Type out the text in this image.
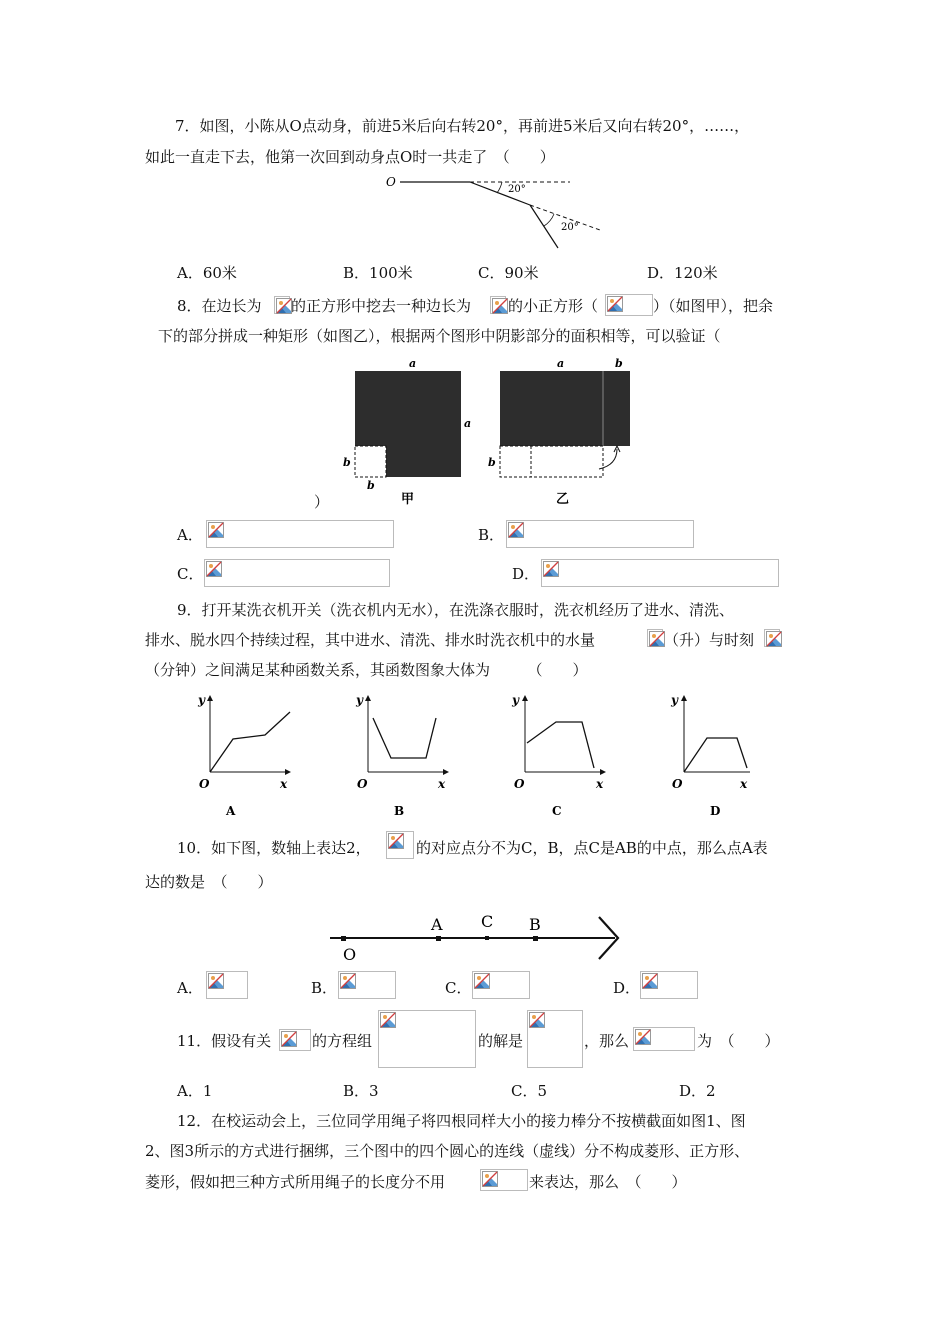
7．如图，小陈从O点动身，前进5米后向右转20°，再前进5米后又向右转20°，……，
如此一直走下去，他第一次回到动身点O时一共走了　（　　）
O
20°
20°
A．60米	B．100米	C．90米	D．120米
8．在边长为 的正方形中挖去一种边长为 的小正方形（	）（如图甲），把余
下的部分拼成一种矩形（如图乙），根据两个图形中阴影部分的面积相等，可以验证（
a
a
b
b
甲
a	b
b
乙
）
A．	B．
C．	D．
9．打开某洗衣机开关（洗衣机内无水），在洗涤衣服时，洗衣机经历了进水、清洗、
排水、脱水四个持续过程，其中进水、清洗、排水时洗衣机中的水量	（升）与时刻
（分钟）之间满足某种函数关系，其函数图象大体为　　　（　　）
y
x
O
A
y
x
O
B
y
x
O
C
y
x
O
D
10．如下图，数轴上表达2，	的对应点分不为C，B，点C是AB的中点，那么点A表
达的数是　（　　）
O
A C B
A．	B．	C．	D．
11．假设有关	的方程组	的解是	，那么	为　（　　）
A．1	B．3	C．5	D．2
12．在校运动会上，三位同学用绳子将四根同样大小的接力棒分不按横截面如图1、图
2、图3所示的方式进行捆绑，三个图中的四个圆心的连线（虚线）分不构成菱形、正方形、
菱形，假如把三种方式所用绳子的长度分不用	来表达，那么　（　　）
